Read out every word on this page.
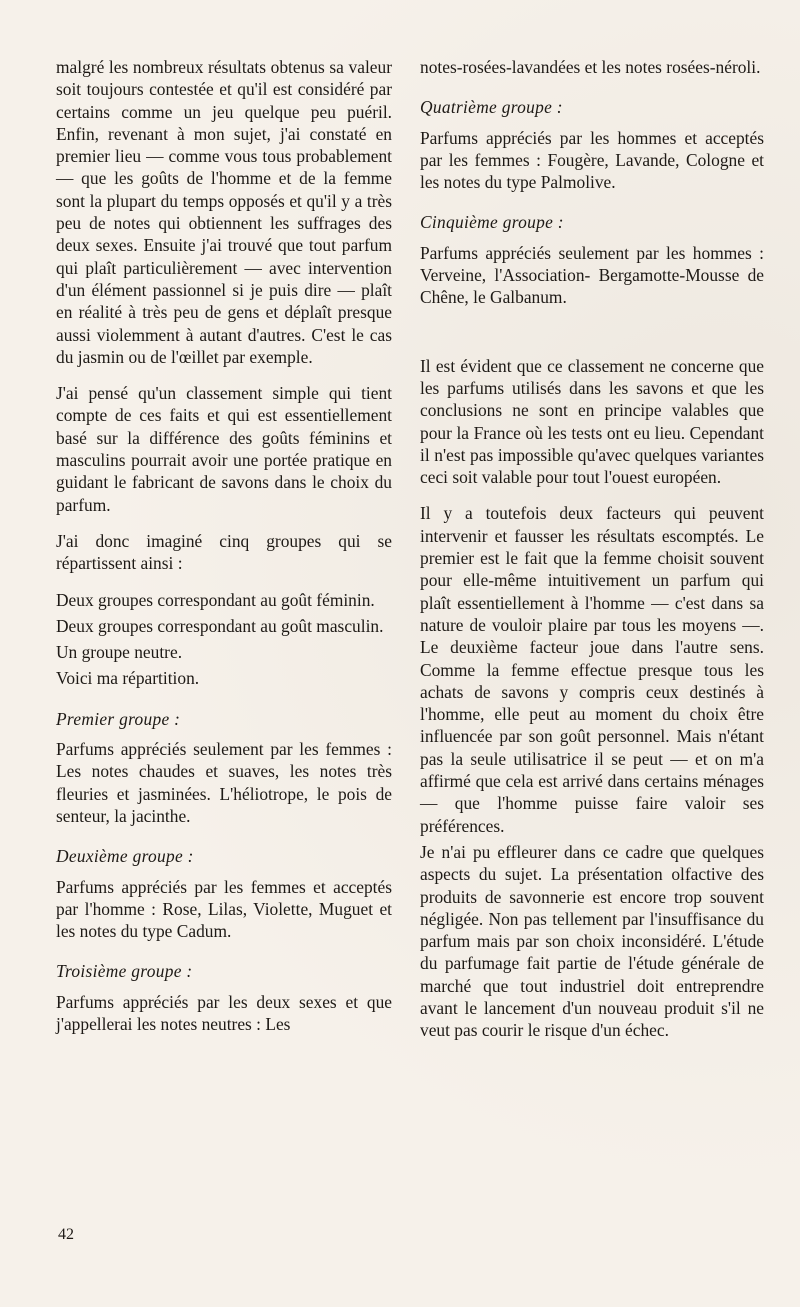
malgré les nombreux résultats obtenus sa valeur soit toujours contestée et qu'il est considéré par certains comme un jeu quelque peu puéril. Enfin, revenant à mon sujet, j'ai constaté en premier lieu — comme vous tous probablement — que les goûts de l'homme et de la femme sont la plupart du temps opposés et qu'il y a très peu de notes qui obtiennent les suffrages des deux sexes. Ensuite j'ai trouvé que tout parfum qui plaît particulièrement — avec intervention d'un élément passionnel si je puis dire — plaît en réalité à très peu de gens et déplaît presque aussi violemment à autant d'autres. C'est le cas du jasmin ou de l'œillet par exemple.

J'ai pensé qu'un classement simple qui tient compte de ces faits et qui est essentiellement basé sur la différence des goûts féminins et masculins pourrait avoir une portée pratique en guidant le fabricant de savons dans le choix du parfum.

J'ai donc imaginé cinq groupes qui se répartissent ainsi :

Deux groupes correspondant au goût féminin.

Deux groupes correspondant au goût masculin.

Un groupe neutre.

Voici ma répartition.

Premier groupe :

Parfums appréciés seulement par les femmes : Les notes chaudes et suaves, les notes très fleuries et jasminées. L'héliotrope, le pois de senteur, la jacinthe.

Deuxième groupe :

Parfums appréciés par les femmes et acceptés par l'homme : Rose, Lilas, Violette, Muguet et les notes du type Cadum.

Troisième groupe :

Parfums appréciés par les deux sexes et que j'appellerai les notes neutres : Les

notes-rosées-lavandées et les notes rosées-néroli.

Quatrième groupe :

Parfums appréciés par les hommes et acceptés par les femmes : Fougère, Lavande, Cologne et les notes du type Palmolive.

Cinquième groupe :

Parfums appréciés seulement par les hommes : Verveine, l'Association- Bergamotte-Mousse de Chêne, le Galbanum.

Il est évident que ce classement ne concerne que les parfums utilisés dans les savons et que les conclusions ne sont en principe valables que pour la France où les tests ont eu lieu. Cependant il n'est pas impossible qu'avec quelques variantes ceci soit valable pour tout l'ouest européen.

Il y a toutefois deux facteurs qui peuvent intervenir et fausser les résultats escomptés. Le premier est le fait que la femme choisit souvent pour elle-même intuitivement un parfum qui plaît essentiellement à l'homme — c'est dans sa nature de vouloir plaire par tous les moyens —. Le deuxième facteur joue dans l'autre sens. Comme la femme effectue presque tous les achats de savons y compris ceux destinés à l'homme, elle peut au moment du choix être influencée par son goût personnel. Mais n'étant pas la seule utilisatrice il se peut — et on m'a affirmé que cela est arrivé dans certains ménages — que l'homme puisse faire valoir ses préférences.

Je n'ai pu effleurer dans ce cadre que quelques aspects du sujet. La présentation olfactive des produits de savonnerie est encore trop souvent négligée. Non pas tellement par l'insuffisance du parfum mais par son choix inconsidéré. L'étude du parfumage fait partie de l'étude générale de marché que tout industriel doit entreprendre avant le lancement d'un nouveau produit s'il ne veut pas courir le risque d'un échec.

42
